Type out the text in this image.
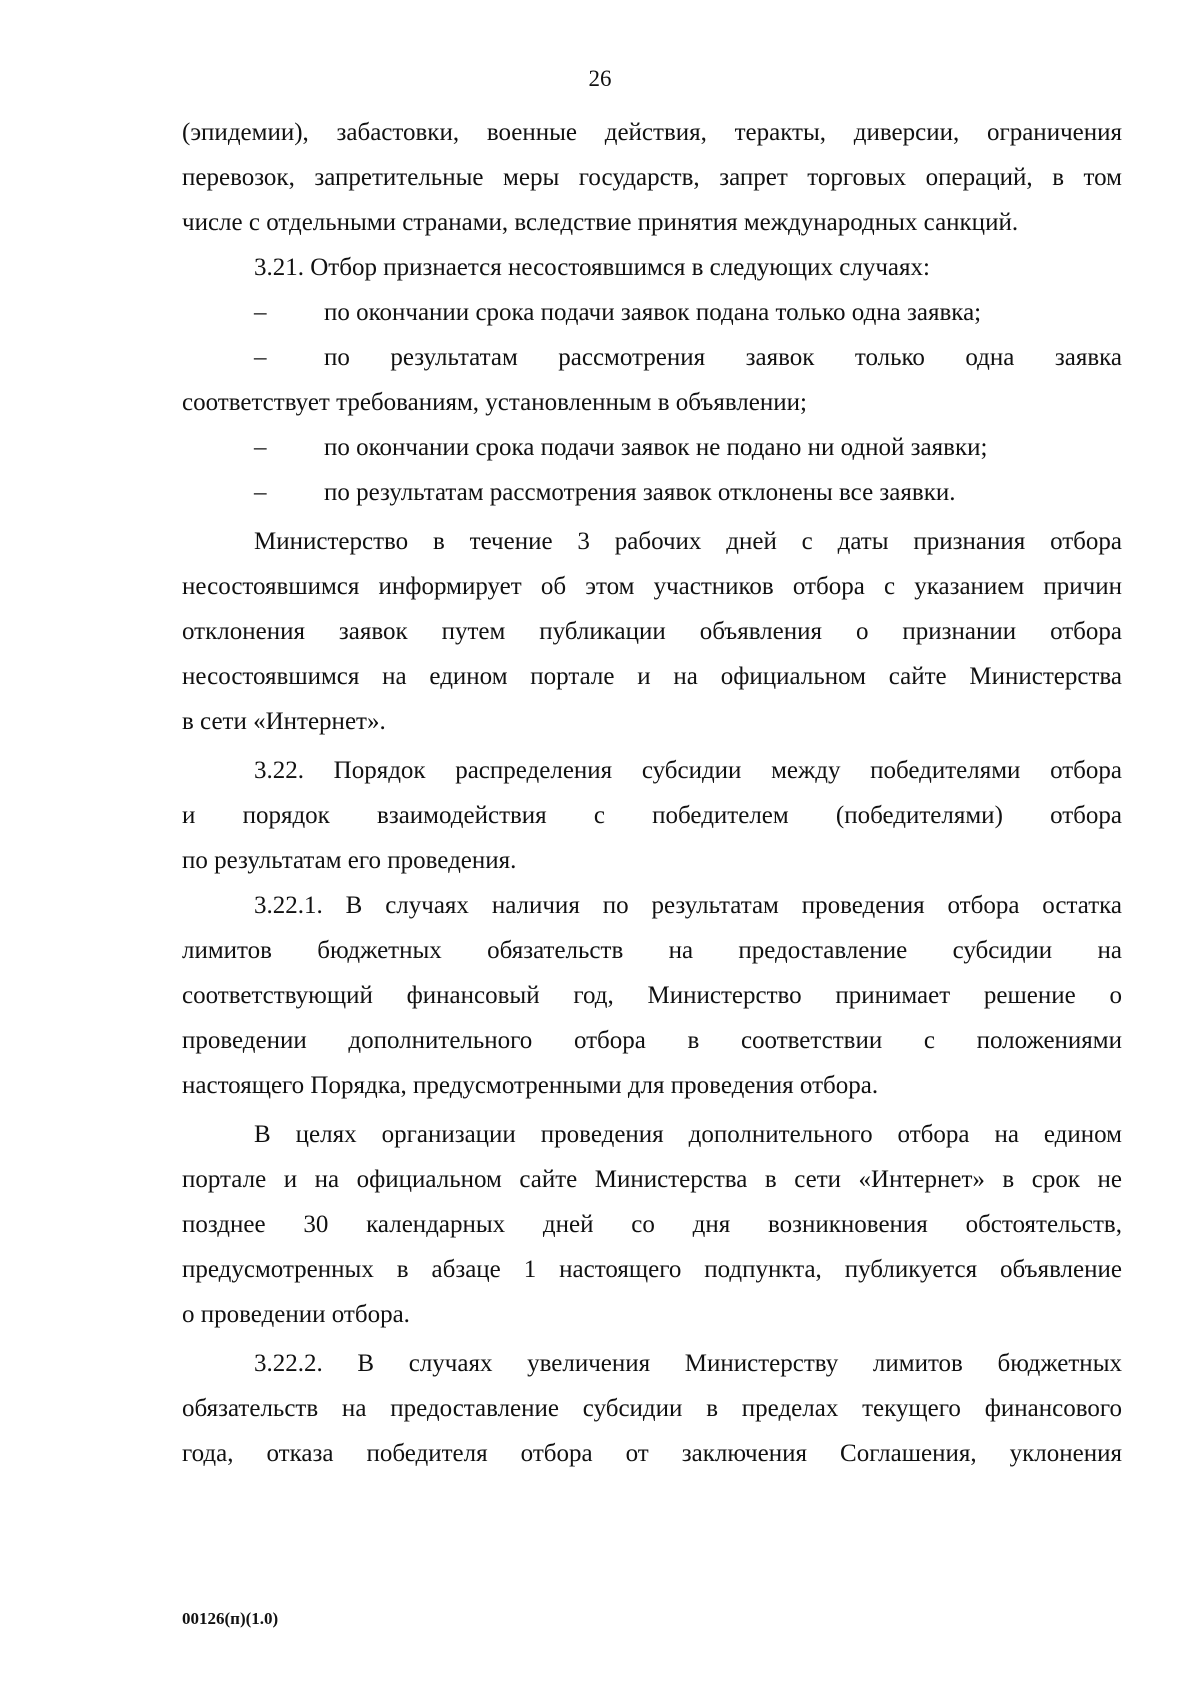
26
(эпидемии), забастовки, военные действия, теракты, диверсии, ограничения
перевозок, запретительные меры государств, запрет торговых операций, в том
числе с отдельными странами, вследствие принятия международных санкций.
3.21. Отбор признается несостоявшимся в следующих случаях:
– по окончании срока подачи заявок подана только одна заявка;
–	по результатам рассмотрения заявок только одна заявка
соответствует требованиям, установленным в объявлении;
– по окончании срока подачи заявок не подано ни одной заявки;
– по результатам рассмотрения заявок отклонены все заявки.
Министерство в течение 3 рабочих дней с даты признания отбора
несостоявшимся информирует об этом участников отбора с указанием причин
отклонения заявок путем публикации объявления о признании отбора
несостоявшимся на едином портале и на официальном сайте Министерства
в сети «Интернет».
3.22. Порядок распределения субсидии между победителями отбора
и порядок взаимодействия с победителем (победителями) отбора
по результатам его проведения.
3.22.1. В случаях наличия по результатам проведения отбора остатка
лимитов бюджетных обязательств на предоставление субсидии на
соответствующий финансовый год, Министерство принимает решение о
проведении дополнительного отбора в соответствии с положениями
настоящего Порядка, предусмотренными для проведения отбора.
В целях организации проведения дополнительного отбора на едином
портале и на официальном сайте Министерства в сети «Интернет» в срок не
позднее 30 календарных дней со дня возникновения обстоятельств,
предусмотренных в абзаце 1 настоящего подпункта, публикуется объявление
о проведении отбора.
3.22.2. В случаях увеличения Министерству лимитов бюджетных
обязательств на предоставление субсидии в пределах текущего финансового
года, отказа победителя отбора от заключения Соглашения, уклонения
00126(п)(1.0)
